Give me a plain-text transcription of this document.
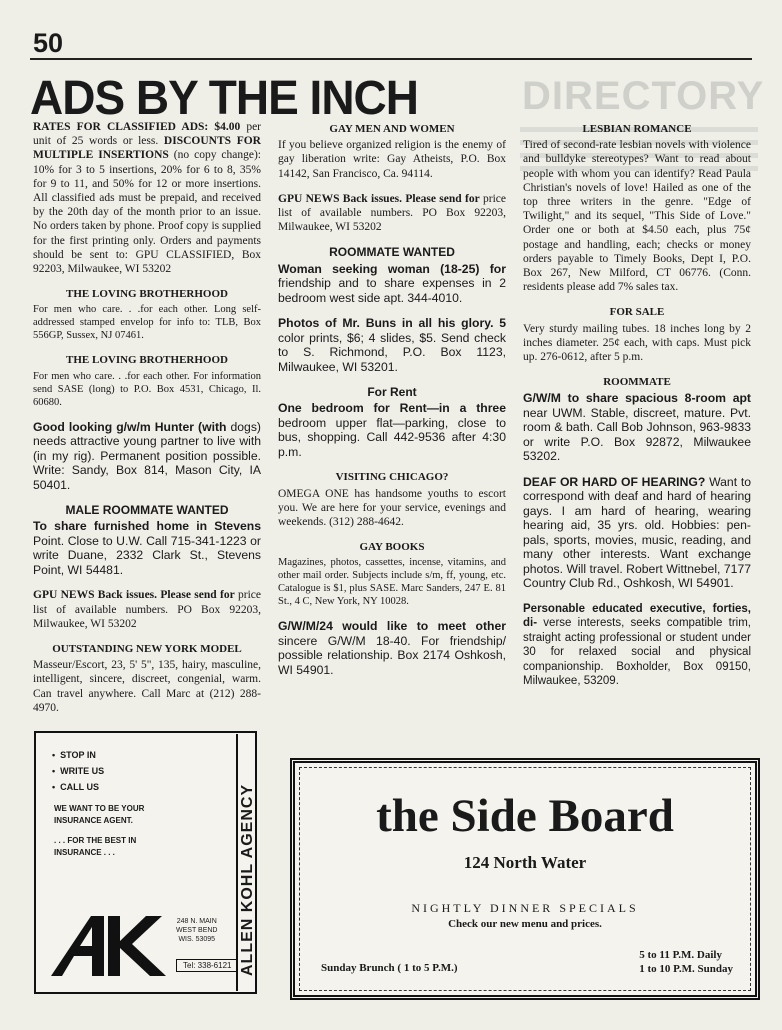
50
DIRECTORY
ADS BY THE INCH

RATES FOR CLASSIFIED ADS: $4.00 per unit of 25 words or less. DISCOUNTS FOR MULTIPLE INSERTIONS (no copy change): 10% for 3 to 5 insertions, 20% for 6 to 8, 35% for 9 to 11, and 50% for 12 or more insertions. All classified ads must be prepaid, and received by the 20th day of the month prior to an issue. No orders taken by phone. Proof copy is supplied for the first printing only. Orders and payments should be sent to: GPU CLASSIFIED, Box 92203, Milwaukee, WI 53202

THE LOVING BROTHERHOOD

For men who care. . .for each other. Long self-addressed stamped envelop for info to: TLB, Box 556GP, Sussex, NJ 07461.

THE LOVING BROTHERHOOD

For men who care. . .for each other. For information send SASE (long) to P.O. Box 4531, Chicago, Il. 60680.

Good looking g/w/m Hunter (with dogs) needs attractive young partner to live with (in my rig). Permanent position possible. Write: Sandy, Box 814, Mason City, IA 50401.

MALE ROOMMATE WANTED

To share furnished home in Stevens Point. Close to U.W. Call 715-341-1223 or write Duane, 2332 Clark St., Stevens Point, WI 54481.

GPU NEWS Back issues. Please send for price list of available numbers. PO Box 92203, Milwaukee, WI 53202

OUTSTANDING NEW YORK MODEL

Masseur/Escort, 23, 5' 5", 135, hairy, masculine, intelligent, sincere, discreet, congenial, warm. Can travel anywhere. Call Marc at (212) 288-4970.

GAY MEN AND WOMEN

If you believe organized religion is the enemy of gay liberation write: Gay Atheists, P.O. Box 14142, San Francisco, Ca. 94114.

GPU NEWS Back issues. Please send for price list of available numbers. PO Box 92203, Milwaukee, WI 53202

ROOMMATE WANTED

Woman seeking woman (18-25) for friendship and to share expenses in 2 bedroom west side apt. 344-4010.

Photos of Mr. Buns in all his glory. 5 color prints, $6; 4 slides, $5. Send check to S. Richmond, P.O. Box 1123, Milwaukee, WI 53201.

For Rent

One bedroom for Rent—in a three bedroom upper flat—parking, close to bus, shopping. Call 442-9536 after 4:30 p.m.

VISITING CHICAGO?

OMEGA ONE has handsome youths to escort you. We are here for your service, evenings and weekends. (312) 288-4642.

GAY BOOKS

Magazines, photos, cassettes, incense, vitamins, and other mail order. Subjects include s/m, ff, young, etc. Catalogue is $1, plus SASE. Marc Sanders, 247 E. 81 St., 4 C, New York, NY 10028.

G/W/M/24 would like to meet other sincere G/W/M 18-40. For friendship/ possible relationship. Box 2174 Oshkosh, WI 54901.

LESBIAN ROMANCE

Tired of second-rate lesbian novels with violence and bulldyke stereotypes? Want to read about people with whom you can identify? Read Paula Christian's novels of love! Hailed as one of the top three writers in the genre. "Edge of Twilight," and its sequel, "This Side of Love." Order one or both at $4.50 each, plus 75¢ postage and handling, each; checks or money orders payable to Timely Books, Dept I, P.O. Box 267, New Milford, CT 06776. (Conn. residents please add 7% sales tax.

FOR SALE

Very sturdy mailing tubes. 18 inches long by 2 inches diameter. 25¢ each, with caps. Must pick up. 276-0612, after 5 p.m.

ROOMMATE

G/W/M to share spacious 8-room apt near UWM. Stable, discreet, mature. Pvt. room & bath. Call Bob Johnson, 963-9833 or write P.O. Box 92872, Milwaukee 53202.

DEAF OR HARD OF HEARING? Want to correspond with deaf and hard of hearing gays. I am hard of hearing, wearing hearing aid, 35 yrs. old. Hobbies: pen-pals, sports, movies, music, reading, and many other interests. Want exchange photos. Will travel. Robert Wittnebel, 7177 Country Club Rd., Oshkosh, WI 54901.

Personable educated executive, forties, di- verse interests, seeks compatible trim, straight acting professional or student under 30 for relaxed social and physical companionship. Boxholder, Box 09150, Milwaukee, 53209.

•  STOP IN
•  WRITE US
•  CALL US
WE WANT TO BE YOUR INSURANCE AGENT.
. . . FOR THE BEST IN INSURANCE . . .
AK
248 N. MAIN
WEST BEND
WIS. 53095
Tel: 338-6121 ALLEN KOHL AGENCY	the Side Board
124 North Water
NIGHTLY DINNER SPECIALS
Check our new menu and prices.
Sunday Brunch ( 1 to 5 P.M.)
5 to 11 P.M. Daily
1 to 10 P.M. Sunday
